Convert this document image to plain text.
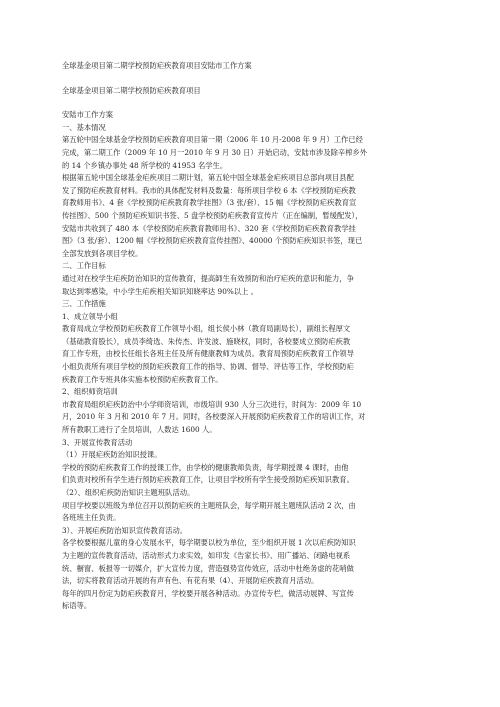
全球基金项目第二期学校预防疟疾教育项目安陆市工作方案
全球基金项目第二期学校预防疟疾教育项目
安陆市工作方案
一、基本情况
第五轮中国全球基金学校预防疟疾教育项目第一期（2006 年 10 月-2008 年 9 月）工作已经
完成，第二期工作（2009 年 10 月一2010 年 9 月 30 日）开始启动，安陆市涉及除辛榨乡外
的 14 个乡镇办事处 48 所学校的 41953 名学生。
根据第五轮中国全球基金疟疾项目二期计划，第五轮中国全球基金疟疾项目总部向项目县配
发了预防疟疾教育材料。我市的具体配发材料及数量：每所项目学校 6 本《学校预防疟疾教
育教师用书》、4 套《学校预防疟疾教育教学挂图》（3 张/套）、15 幅《学校预防疟疾教育宣
传挂图》、500 个预防疟疾知识书签、5 盘学校预防疟疾教育宣传片（正在编制，暂缓配发），
安陆市共收到了 480 本《学校预防疟疾教育教师用书》、320 套《学校预防疟疾教育教学挂
图》（3 张/套）、1200 幅《学校预防疟疾教育宣传挂图》、40000 个预防疟疾知识书签，现已
全部发放到各项目学校。
二、工作目标
通过对在校学生疟疾防治知识的宣传教育，提高師生有效预防和治疗疟疾的意识和能力，争
取达到零感染，中小学生疟疾相关知识知晓率达 90%以上 。
三、工作措施
1、成立领导小组
教育局成立学校预防疟疾教育工作领导小组，组长侯小林（教育局副局长），副组长程厚文
（基础教育股长），成员李绮选、朱传杰、许发波、施晓权，同时，各校要成立预防疟疾教
育工作专班，由校长任组长各班主任及所有健康教师为成员。教育局预防疟疾教育工作领导
小组负责所有项目学校的预防疟疾教育工作的指导、协调、督导、评估等工作，学校预防疟
疾教育工作专班具体实施本校预防疟疾教育工作。
2、组织师资培训
市教育局组织疟疾防治中小学师资培训，市级培训 930 人分三次进行，时间为：2009 年 10
月，2010 年 3 月和 2010 年 7 月。同时，各校要深入开展预防疟疾教育工作的培训工作，对
所有教职工进行了全员培训，人数达 1600 人。
3、开展宣传教育活动
（1）开展疟疾防治知识授课。
学校的预防疟疾教育工作的授课工作，由学校的健康教师负责，每学期授课 4 课时，由他
们负责对校所有学生进行预防疟疾教育工作，让项目学校所有学生接受预防疟疾知识教育。
（2）、组织疟疾防治知识主题班队活动。
项目学校要以班级为单位召开以预防疟疾的主题班队会，每学期开展主题班队活动 2 次，由
各班班主任负责。
3）、开展疟疾防治知识宣传教育活动。
各学校要根据儿童的身心发展水平，每学期要以校为单位，至少组织开展 1 次以疟疾防知识
为主题的宣传教育活动，活动形式力求实效，如印发《告家长书》、用广播站、闭路电视系
统、橱窗、板报等一切媒介，扩大宣传力度，营造强势宣传效应，活动中杜绝务虚的花哨做
法，切实将教育活动开展的有声有色、有花有果（4）、开展防疟疾教育月活动。
每年的四月份定为防疟疾教育月，学校要开展各种活动。办宣传专栏，做活动展牌、写宣传
标语等。
